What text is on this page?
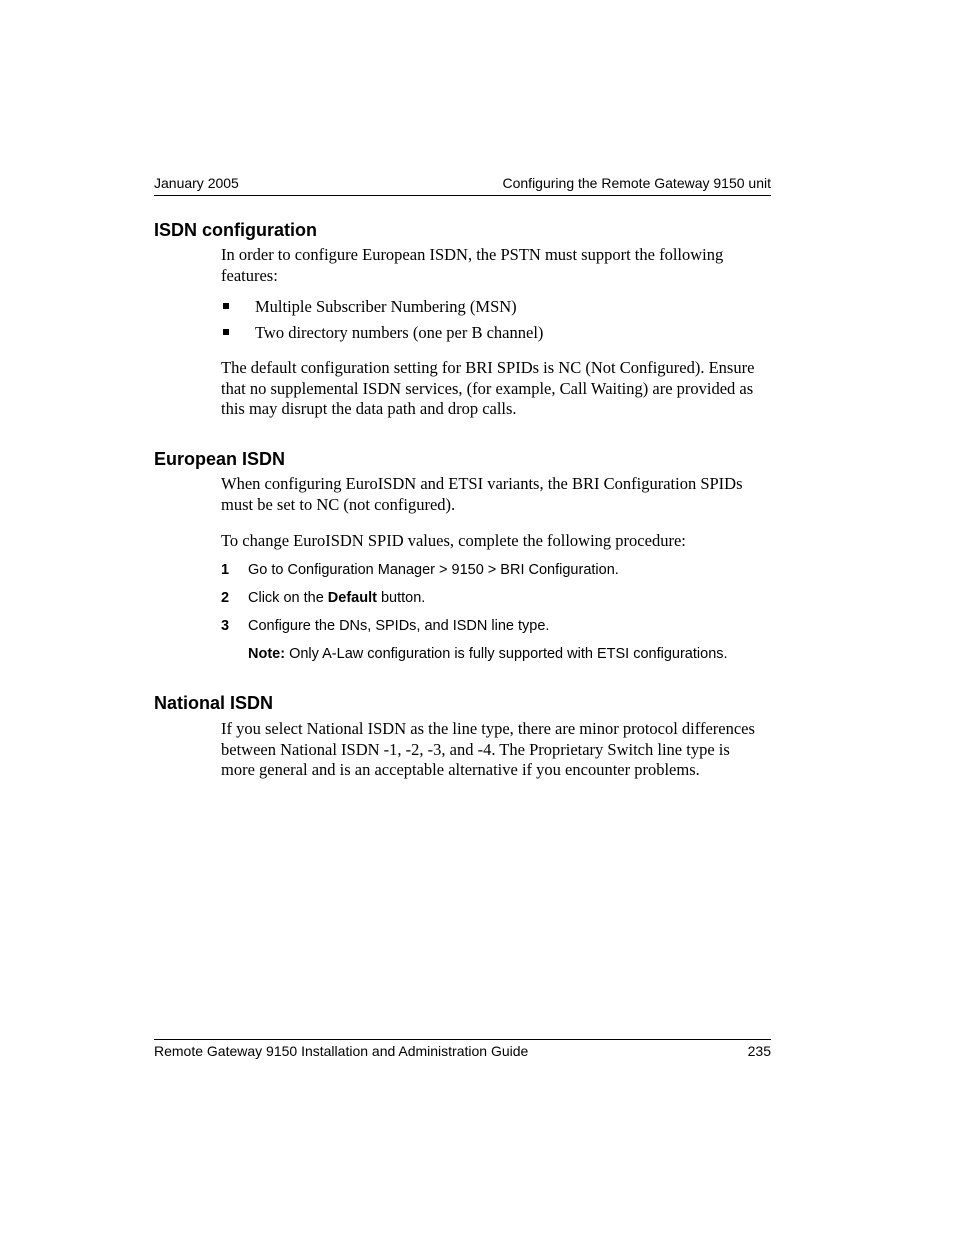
January 2005	Configuring the Remote Gateway 9150 unit
ISDN configuration
In order to configure European ISDN, the PSTN must support the following
features:
Multiple Subscriber Numbering (MSN)
Two directory numbers (one per B channel)
The default configuration setting for BRI SPIDs is NC (Not Configured). Ensure
that no supplemental ISDN services, (for example, Call Waiting) are provided as
this may disrupt the data path and drop calls.
European ISDN
When configuring EuroISDN and ETSI variants, the BRI Configuration SPIDs
must be set to NC (not configured).
To change EuroISDN SPID values, complete the following procedure:
1 Go to Configuration Manager > 9150 > BRI Configuration.
2 Click on the Default button.
3 Configure the DNs, SPIDs, and ISDN line type.
Note: Only A-Law configuration is fully supported with ETSI configurations.
National ISDN
If you select National ISDN as the line type, there are minor protocol differences
between National ISDN -1, -2, -3, and -4. The Proprietary Switch line type is
more general and is an acceptable alternative if you encounter problems.
Remote Gateway 9150 Installation and Administration Guide	235
